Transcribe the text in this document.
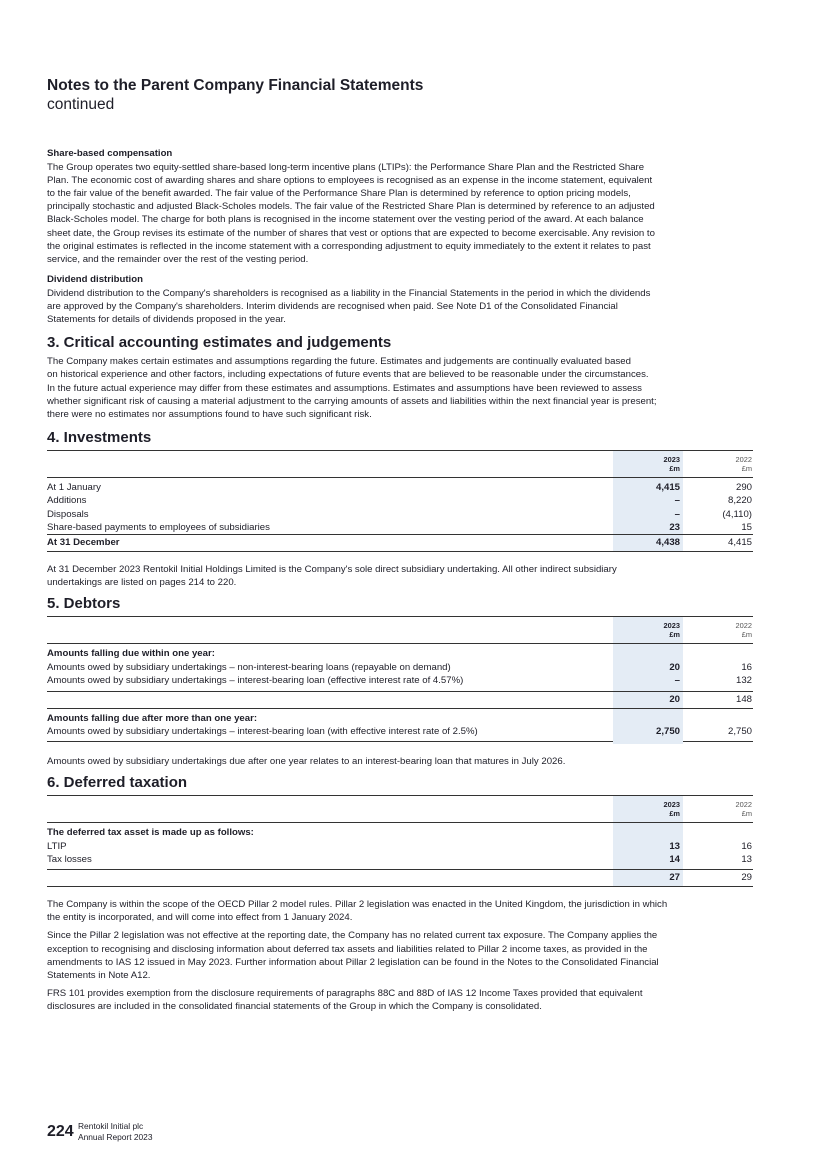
Notes to the Parent Company Financial Statements
continued
Share-based compensation

The Group operates two equity-settled share-based long-term incentive plans (LTIPs): the Performance Share Plan and the Restricted Share

Plan. The economic cost of awarding shares and share options to employees is recognised as an expense in the income statement, equivalent

to the fair value of the benefit awarded. The fair value of the Performance Share Plan is determined by reference to option pricing models,

principally stochastic and adjusted Black-Scholes models. The fair value of the Restricted Share Plan is determined by reference to an adjusted

Black-Scholes model. The charge for both plans is recognised in the income statement over the vesting period of the award. At each balance

sheet date, the Group revises its estimate of the number of shares that vest or options that are expected to become exercisable. Any revision to

the original estimates is reflected in the income statement with a corresponding adjustment to equity immediately to the extent it relates to past

service, and the remainder over the rest of the vesting period.

Dividend distribution

Dividend distribution to the Company's shareholders is recognised as a liability in the Financial Statements in the period in which the dividends

are approved by the Company's shareholders. Interim dividends are recognised when paid. See Note D1 of the Consolidated Financial

Statements for details of dividends proposed in the year.

3. Critical accounting estimates and judgements

The Company makes certain estimates and assumptions regarding the future. Estimates and judgements are continually evaluated based

on historical experience and other factors, including expectations of future events that are believed to be reasonable under the circumstances.

In the future actual experience may differ from these estimates and assumptions. Estimates and assumptions have been reviewed to assess

whether significant risk of causing a material adjustment to the carrying amounts of assets and liabilities within the next financial year is present;

there were no estimates nor assumptions found to have such significant risk.

4. Investments
2023
£m
2022
£m
At 1 January	4,415	290
Additions	–	8,220
Disposals	–	(4,110)
Share-based payments to employees of subsidiaries	23	15
At 31 December	4,438	4,415

At 31 December 2023 Rentokil Initial Holdings Limited is the Company's sole direct subsidiary undertaking. All other indirect subsidiary

undertakings are listed on pages 214 to 220.

5. Debtors
2023
£m
2022
£m
Amounts falling due within one year:
Amounts owed by subsidiary undertakings – non-interest-bearing loans (repayable on demand)	20	16
Amounts owed by subsidiary undertakings – interest-bearing loan (effective interest rate of 4.57%)	–	132
20	148
Amounts falling due after more than one year:
Amounts owed by subsidiary undertakings – interest-bearing loan (with effective interest rate of 2.5%)	2,750	2,750

Amounts owed by subsidiary undertakings due after one year relates to an interest-bearing loan that matures in July 2026.

6. Deferred taxation
2023
£m
2022
£m
The deferred tax asset is made up as follows:
LTIP	13	16
Tax losses	14	13
27	29

The Company is within the scope of the OECD Pillar 2 model rules. Pillar 2 legislation was enacted in the United Kingdom, the jurisdiction in which

the entity is incorporated, and will come into effect from 1 January 2024.

Since the Pillar 2 legislation was not effective at the reporting date, the Company has no related current tax exposure. The Company applies the

exception to recognising and disclosing information about deferred tax assets and liabilities related to Pillar 2 income taxes, as provided in the

amendments to IAS 12 issued in May 2023. Further information about Pillar 2 legislation can be found in the Notes to the Consolidated Financial

Statements in Note A12.

FRS 101 provides exemption from the disclosure requirements of paragraphs 88C and 88D of IAS 12 Income Taxes provided that equivalent

disclosures are included in the consolidated financial statements of the Group in which the Company is consolidated.

224 Rentokil Initial plc
Annual Report 2023
